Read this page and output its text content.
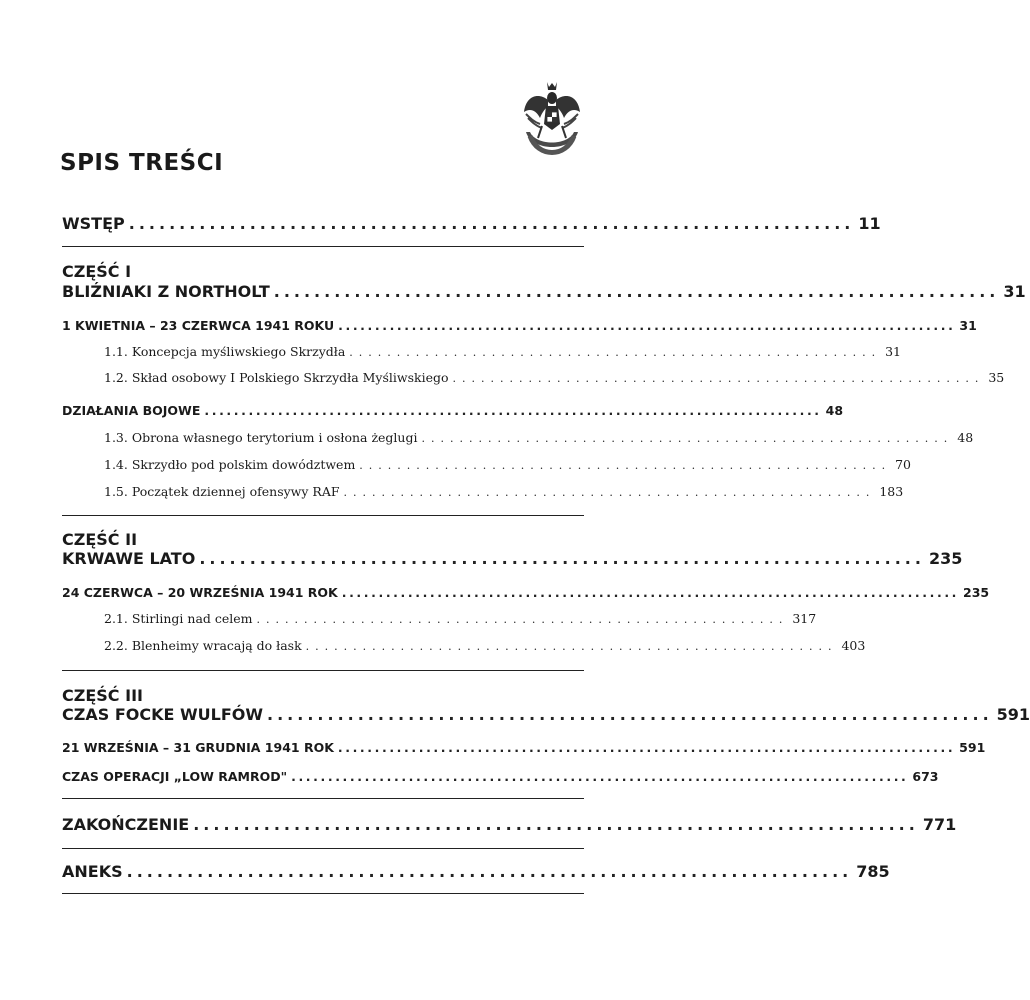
SPIS TREŚCI
WSTĘP ........................................................................ 11
CZĘŚĆ I
BLIŹNIAKI Z NORTHOLT ........................................................................ 31
1 KWIETNIA – 23 CZERWCA 1941 ROKU .................................................................................... 31
1.1. Koncepcja myśliwskiego Skrzydła ........................................................ 31
1.2. Skład osobowy I Polskiego Skrzydła Myśliwskiego ........................................................ 35
DZIAŁANIA BOJOWE .................................................................................... 48
1.3. Obrona własnego terytorium i osłona żeglugi ........................................................ 48
1.4. Skrzydło pod polskim dowództwem ........................................................ 70
1.5. Początek dziennej ofensywy RAF ........................................................ 183
CZĘŚĆ II
KRWAWE LATO ........................................................................ 235
24 CZERWCA – 20 WRZEŚNIA 1941 ROK .................................................................................... 235
2.1. Stirlingi nad celem ........................................................ 317
2.2. Blenheimy wracają do łask ........................................................ 403
CZĘŚĆ III
CZAS FOCKE WULFÓW ........................................................................ 591
21 WRZEŚNIA – 31 GRUDNIA 1941 ROK .................................................................................... 591
CZAS OPERACJI „LOW RAMROD" .................................................................................... 673
ZAKOŃCZENIE ........................................................................ 771
ANEKS ........................................................................ 785
